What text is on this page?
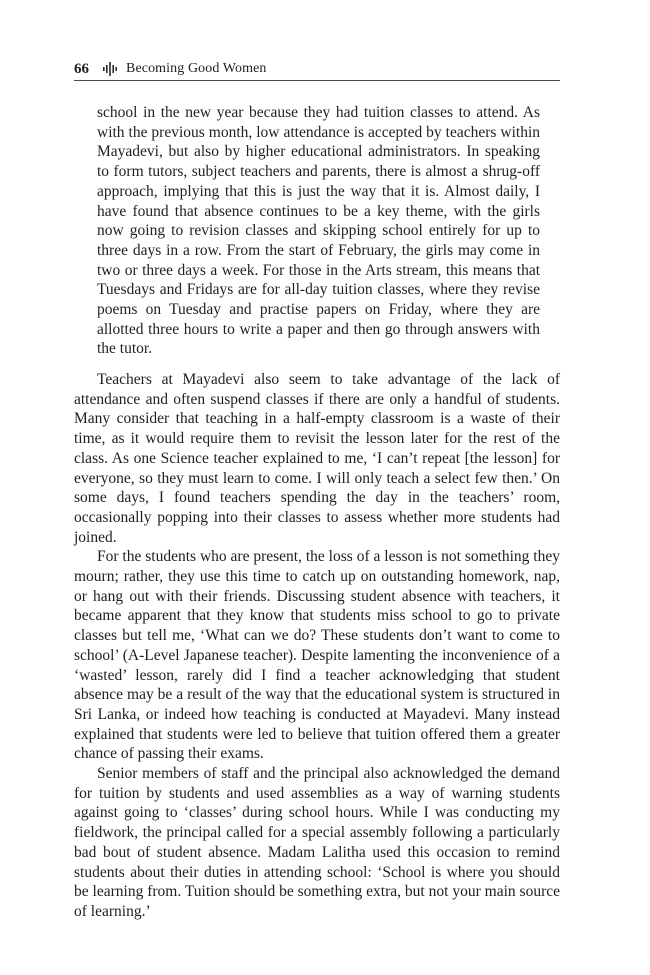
66	Becoming Good Women

school in the new year because they had tuition classes to attend. As with the previous month, low attendance is accepted by teachers within Mayadevi, but also by higher educational administrators. In speaking to form tutors, subject teachers and parents, there is almost a shrug-off approach, implying that this is just the way that it is. Almost daily, I have found that absence continues to be a key theme, with the girls now going to revision classes and skipping school entirely for up to three days in a row. From the start of February, the girls may come in two or three days a week. For those in the Arts stream, this means that Tuesdays and Fridays are for all-day tuition classes, where they revise poems on Tuesday and practise papers on Friday, where they are allotted three hours to write a paper and then go through answers with the tutor.

Teachers at Mayadevi also seem to take advantage of the lack of attendance and often suspend classes if there are only a handful of students. Many consider that teaching in a half-empty classroom is a waste of their time, as it would require them to revisit the lesson later for the rest of the class. As one Science teacher explained to me, ‘I can’t repeat [the lesson] for everyone, so they must learn to come. I will only teach a select few then.’ On some days, I found teachers spending the day in the teachers’ room, occasionally popping into their classes to assess whether more students had joined.

For the students who are present, the loss of a lesson is not something they mourn; rather, they use this time to catch up on outstanding homework, nap, or hang out with their friends. Discussing student absence with teachers, it became apparent that they know that students miss school to go to private classes but tell me, ‘What can we do? These students don’t want to come to school’ (A-Level Japanese teacher). Despite lamenting the inconvenience of a ‘wasted’ lesson, rarely did I find a teacher acknowledging that student absence may be a result of the way that the educational system is structured in Sri Lanka, or indeed how teaching is conducted at Mayadevi. Many instead explained that students were led to believe that tuition offered them a greater chance of passing their exams.

Senior members of staff and the principal also acknowledged the demand for tuition by students and used assemblies as a way of warning students against going to ‘classes’ during school hours. While I was conducting my fieldwork, the principal called for a special assembly following a particularly bad bout of student absence. Madam Lalitha used this occasion to remind students about their duties in attending school: ‘School is where you should be learning from. Tuition should be something extra, but not your main source of learning.’
